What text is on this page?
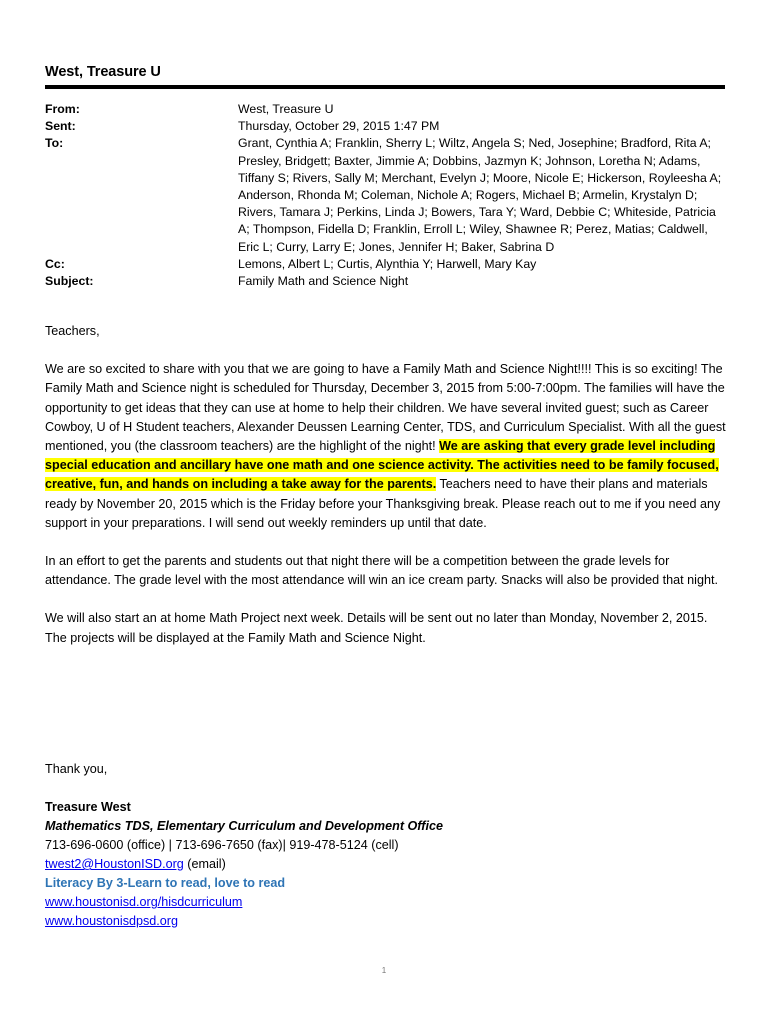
West, Treasure U
From:	West, Treasure U
Sent:	Thursday, October 29, 2015 1:47 PM
To:	Grant, Cynthia A; Franklin, Sherry L; Wiltz, Angela S; Ned, Josephine; Bradford, Rita A; Presley, Bridgett; Baxter, Jimmie A; Dobbins, Jazmyn K; Johnson, Loretha N; Adams, Tiffany S; Rivers, Sally M; Merchant, Evelyn J; Moore, Nicole E; Hickerson, Royleesha A; Anderson, Rhonda M; Coleman, Nichole A; Rogers, Michael B; Armelin, Krystalyn D; Rivers, Tamara J; Perkins, Linda J; Bowers, Tara Y; Ward, Debbie C; Whiteside, Patricia A; Thompson, Fidella D; Franklin, Erroll L; Wiley, Shawnee R; Perez, Matias; Caldwell, Eric L; Curry, Larry E; Jones, Jennifer H; Baker, Sabrina D
Cc:	Lemons, Albert L; Curtis, Alynthia Y; Harwell, Mary Kay
Subject:	Family Math and Science Night

Teachers,

We are so excited to share with you that we are going to have a Family Math and Science Night!!!! This is so exciting! The Family Math and Science night is scheduled for Thursday, December 3, 2015 from 5:00-7:00pm. The families will have the opportunity to get ideas that they can use at home to help their children. We have several invited guest; such as Career Cowboy, U of H Student teachers, Alexander Deussen Learning Center, TDS, and Curriculum Specialist. With all the guest mentioned, you (the classroom teachers) are the highlight of the night! We are asking that every grade level including special education and ancillary have one math and one science activity. The activities need to be family focused, creative, fun, and hands on including a take away for the parents. Teachers need to have their plans and materials ready by November 20, 2015 which is the Friday before your Thanksgiving break. Please reach out to me if you need any support in your preparations. I will send out weekly reminders up until that date.

In an effort to get the parents and students out that night there will be a competition between the grade levels for attendance. The grade level with the most attendance will win an ice cream party. Snacks will also be provided that night.

We will also start an at home Math Project next week. Details will be sent out no later than Monday, November 2, 2015. The projects will be displayed at the Family Math and Science Night.

Thank you,

Treasure West
Mathematics TDS, Elementary Curriculum and Development Office
713-696-0600 (office) | 713-696-7650 (fax)| 919-478-5124 (cell)
twest2@HoustonISD.org (email)
Literacy By 3-Learn to read, love to read
www.houstonisd.org/hisdcurriculum
www.houstonisdpsd.org
1
